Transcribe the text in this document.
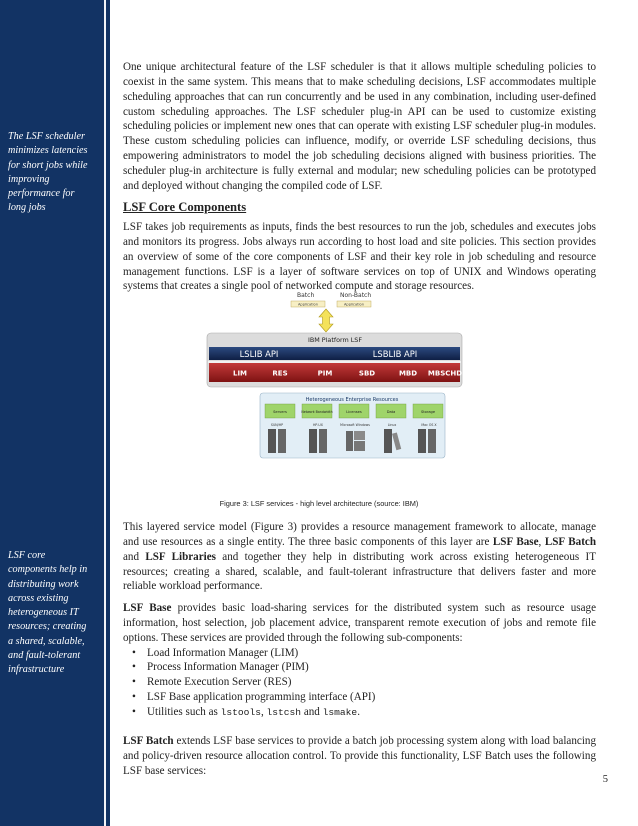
The LSF scheduler minimizes latencies for short jobs while improving performance for long jobs
LSF core components help in distributing work across existing heterogeneous IT resources; creating a shared, scalable, and fault-tolerant infrastructure

One unique architectural feature of the LSF scheduler is that it allows multiple scheduling policies to coexist in the same system. This means that to make scheduling decisions, LSF accommodates multiple scheduling approaches that can run concurrently and be used in any combination, including user-defined custom scheduling approaches. The LSF scheduler plug-in API can be used to customize existing scheduling policies or implement new ones that can operate with existing LSF scheduler plug-in modules. These custom scheduling policies can influence, modify, or override LSF scheduling decisions, thus empowering administrators to model the job scheduling decisions aligned with business priorities. The scheduler plug-in architecture is fully external and modular; new scheduling policies can be prototyped and deployed without changing the compiled code of LSF.

LSF Core Components

LSF takes job requirements as inputs, finds the best resources to run the job, schedules and executes jobs and monitors its progress. Jobs always run according to host load and site policies. This section provides an overview of some of the core components of LSF and their key role in job scheduling and resource management functions. LSF is a layer of software services on top of UNIX and Windows operating systems that creates a single pool of networked compute and storage resources.

Batch	Non-Batch
Application	Application
IBM Platform LSF
LSLIB API	LSBLIB API
LIM	RES	PIM	SBD	MBD MBSCHD
Heterogeneous Enterprise Resources
Servers	Network Bandwidth	Licenses	Data	Storage
SUN/HP	HP-UX	Microsoft Windows	Linux	Mac OS X
Figure 3: LSF services - high level architecture (source: IBM)

This layered service model (Figure 3) provides a resource management framework to allocate, manage and use resources as a single entity. The three basic components of this layer are LSF Base, LSF Batch and LSF Libraries and together they help in distributing work across existing heterogeneous IT resources; creating a shared, scalable, and fault-tolerant infrastructure that delivers faster and more reliable workload performance.

LSF Base provides basic load-sharing services for the distributed system such as resource usage information, host selection, job placement advice, transparent remote execution of jobs and remote file options. These services are provided through the following sub-components:

• Load Information Manager (LIM)
• Process Information Manager (PIM)
• Remote Execution Server (RES)
• LSF Base application programming interface (API)
• Utilities such as lstools, lstcsh and lsmake.

LSF Batch extends LSF base services to provide a batch job processing system along with load balancing and policy-driven resource allocation control. To provide this functionality, LSF Batch uses the following LSF base services:

5
